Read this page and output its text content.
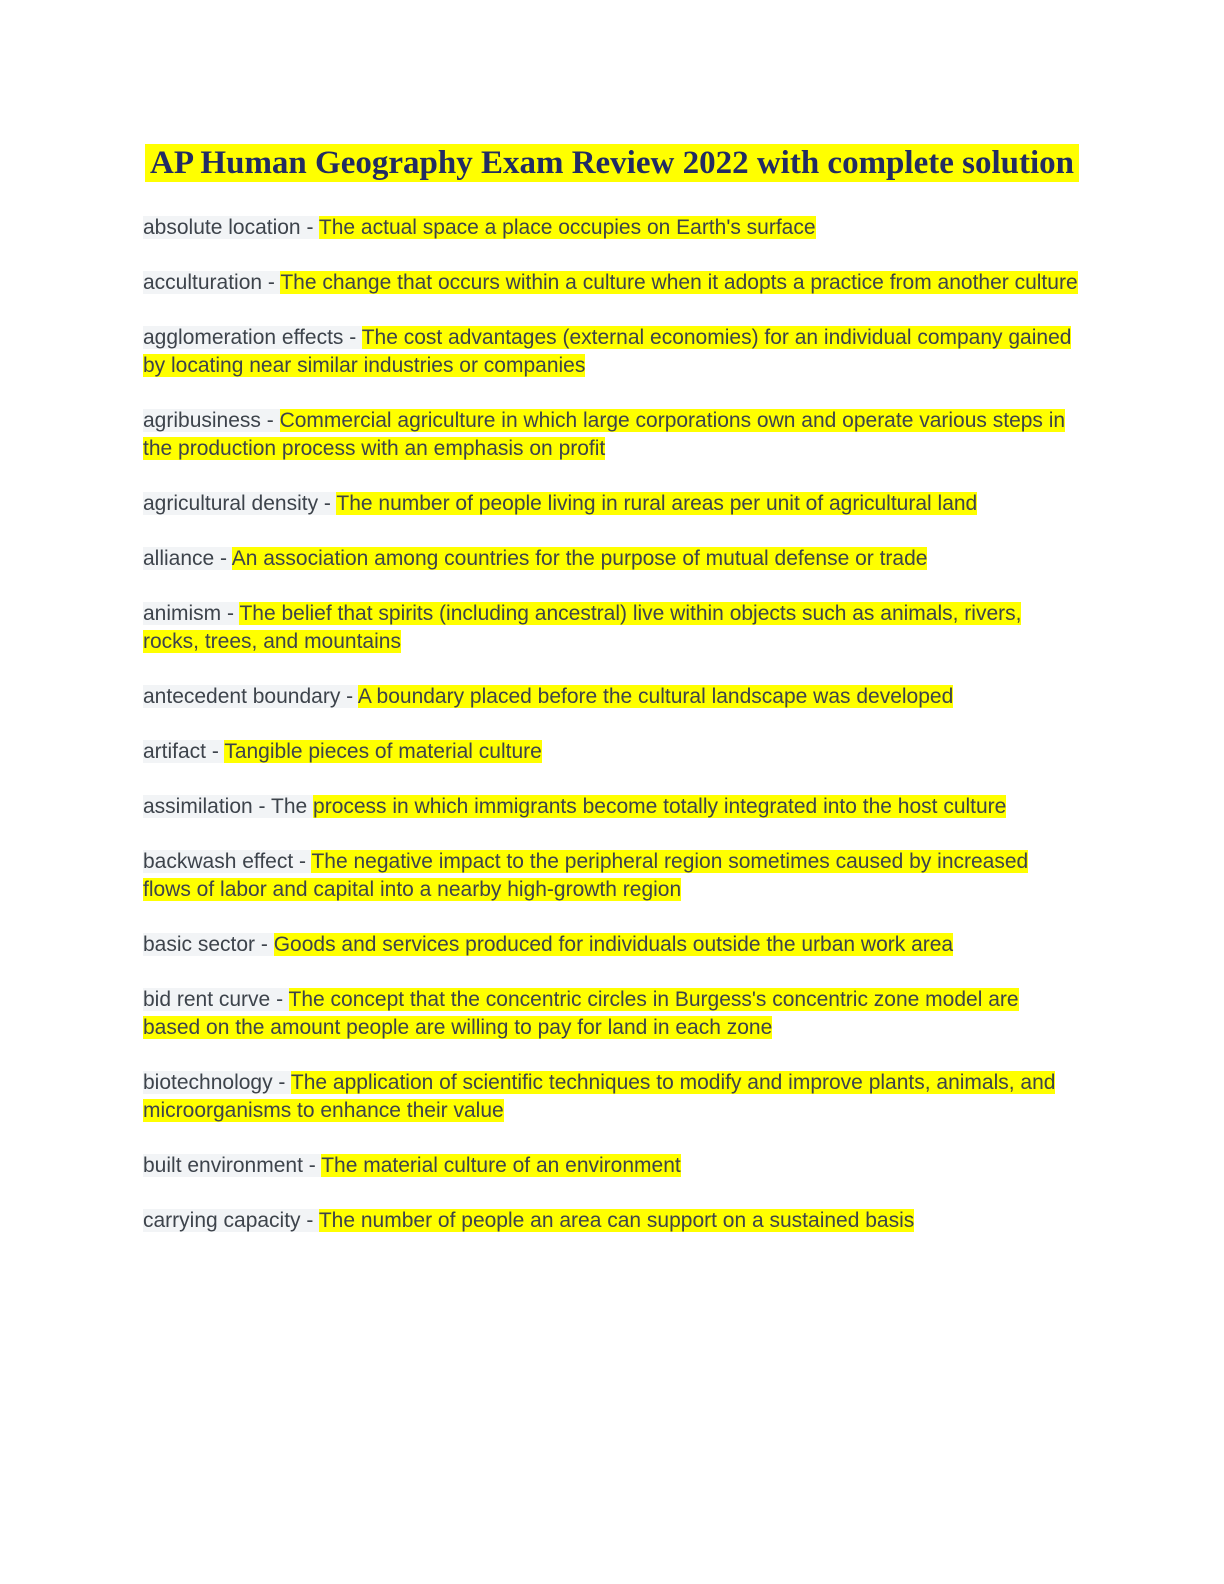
AP Human Geography Exam Review 2022 with complete solution

absolute location - The actual space a place occupies on Earth's surface

acculturation - The change that occurs within a culture when it adopts a practice from another culture

agglomeration effects - The cost advantages (external economies) for an individual company gained by locating near similar industries or companies

agribusiness - Commercial agriculture in which large corporations own and operate various steps in the production process with an emphasis on profit

agricultural density - The number of people living in rural areas per unit of agricultural land

alliance - An association among countries for the purpose of mutual defense or trade

animism - The belief that spirits (including ancestral) live within objects such as animals, rivers, rocks, trees, and mountains

antecedent boundary - A boundary placed before the cultural landscape was developed

artifact - Tangible pieces of material culture

assimilation - The process in which immigrants become totally integrated into the host culture

backwash effect - The negative impact to the peripheral region sometimes caused by increased flows of labor and capital into a nearby high-growth region

basic sector - Goods and services produced for individuals outside the urban work area

bid rent curve - The concept that the concentric circles in Burgess's concentric zone model are based on the amount people are willing to pay for land in each zone

biotechnology - The application of scientific techniques to modify and improve plants, animals, and microorganisms to enhance their value

built environment - The material culture of an environment

carrying capacity - The number of people an area can support on a sustained basis
